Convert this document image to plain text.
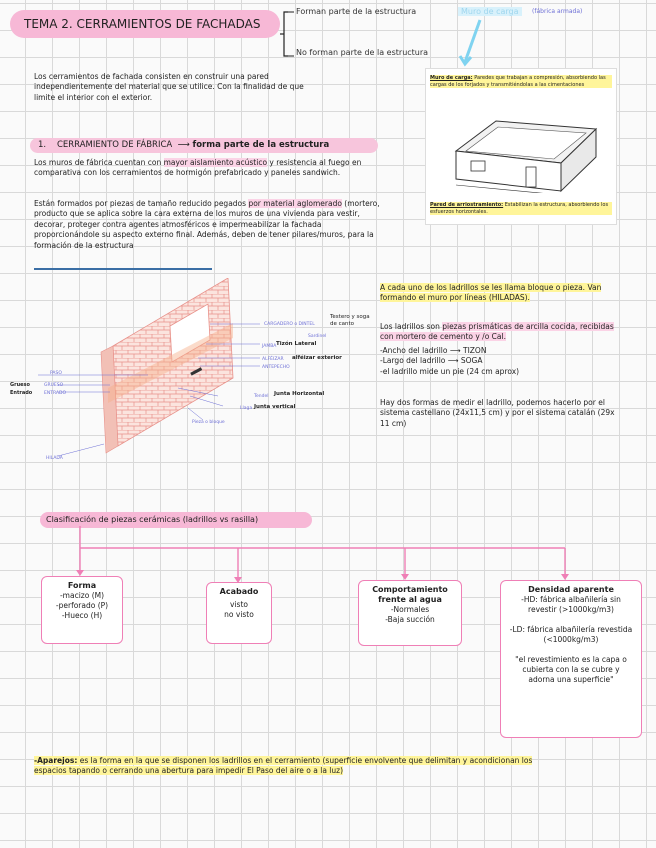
TEMA 2. CERRAMIENTOS DE FACHADAS
Forman parte de la estructura	Muro de carga	(fábrica armada)
No forman parte de la estructura
Los cerramientos de fachada consisten en construir una pared independientemente del material que se utilice. Con la finalidad de que limite el interior con el exterior.
Muro de carga: Paredes que trabajan a compresión, absorbiendo las cargas de los forjados y transmitiéndolas a las cimentaciones
Pared de arriostramiento: Estabilizan la estructura, absorbiendo los esfuerzos horizontales.
1. CERRAMIENTO DE FÁBRICA ⟶ forma parte de la estructura
Los muros de fábrica cuentan con mayor aislamiento acústico y resistencia al fuego en comparativa con los cerramientos de hormigón prefabricado y paneles sandwich.
Están formados por piezas de tamaño reducido pegados por material aglomerado (mortero, producto que se aplica sobre la cara externa de los muros de una vivienda para vestir, decorar, proteger contra agentes atmosféricos e impermeabilizar la fachada proporcionándole su aspecto externo final. Además, deben de tener pilares/muros, para la formación de la estructura
CARGADERO o DINTEL
Testero y soga de canto
Sardinel
Tizón Lateral
JAMBA
ALFÉIZAR alféizar exterior
ANTEPECHO
PASO
Grueso	GRUESO
Entrado	ENTRADO
Tendel Junta Horizontal
Llaga Junta vertical
Pieza o bloque
HILADA
A cada uno de los ladrillos se les llama bloque o pieza. Van formando el muro por líneas (HILADAS).
Los ladrillos son piezas prismáticas de arcilla cocida, recibidas con mortero de cemento y /o Cal.
-Ancho del ladrillo ⟶ TIZON
-Largo del ladrillo ⟶ SOGA
-el ladrillo mide un pie (24 cm aprox)
Hay dos formas de medir el ladrillo, podemos hacerlo por el sistema castellano (24x11,5 cm) y por el sistema catalán (29x 11 cm)
Clasificación de piezas cerámicas (ladrillos vs rasilla)
Forma
-macizo (M)
-perforado (P)
-Hueco (H)
Acabado
visto
no visto
Comportamiento frente al agua
-Normales
-Baja succión
Densidad aparente
-HD: fábrica albañilería sin revestir (>1000kg/m3)
-LD: fábrica albañilería revestida (<1000kg/m3)
"el revestimiento es la capa o cubierta con la se cubre y adorna una superficie"
-Aparejos: es la forma en la que se disponen los ladrillos en el cerramiento (superficie envolvente que delimitan y acondicionan los espacios tapando o cerrando una abertura para impedir El Paso del aire o a la luz)
